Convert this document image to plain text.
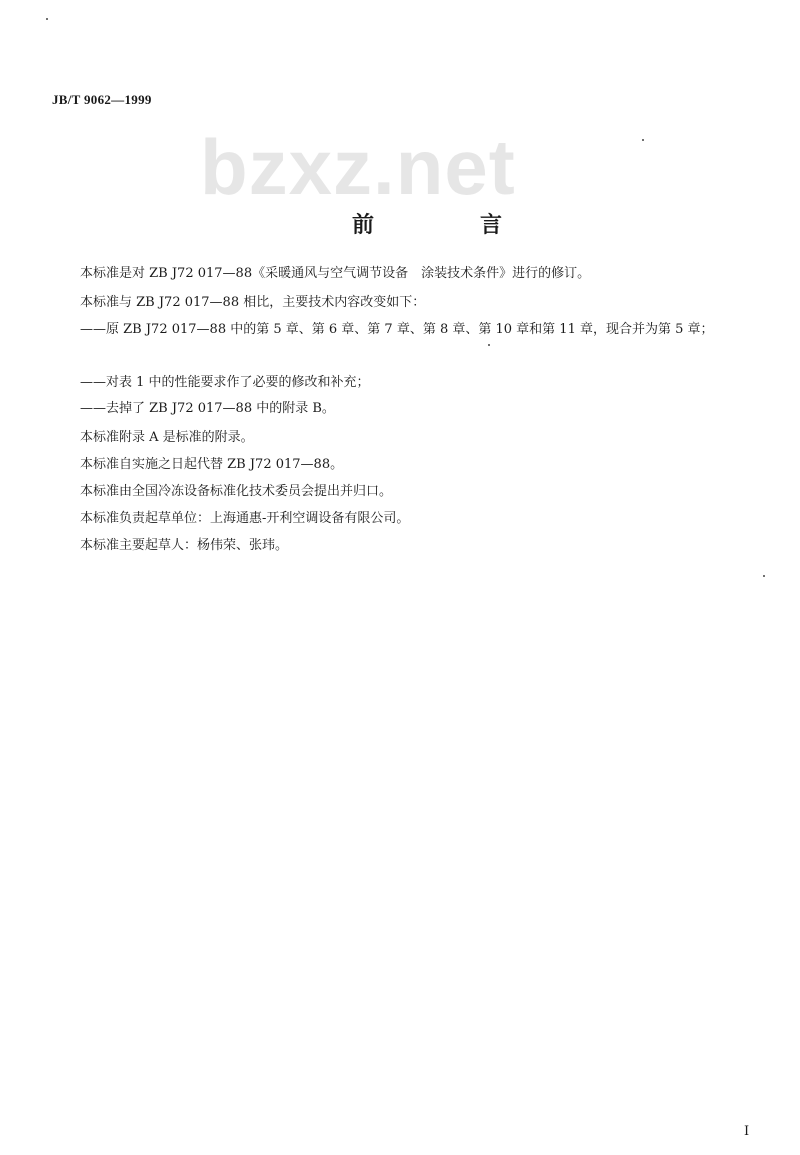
JB/T 9062—1999
bzxz.net
前　言
本标准是对 ZB J72 017—88《采暖通风与空气调节设备　涂装技术条件》进行的修订。
本标准与 ZB J72 017—88 相比，主要技术内容改变如下：
——原 ZB J72 017—88 中的第 5 章、第 6 章、第 7 章、第 8 章、第 10 章和第 11 章，现合并为第 5 章；
——对表 1 中的性能要求作了必要的修改和补充；
——去掉了 ZB J72 017—88 中的附录 B。
本标准附录 A 是标准的附录。
本标准自实施之日起代替 ZB J72 017—88。
本标准由全国冷冻设备标准化技术委员会提出并归口。
本标准负责起草单位：上海通惠-开利空调设备有限公司。
本标准主要起草人：杨伟荣、张玮。
I
